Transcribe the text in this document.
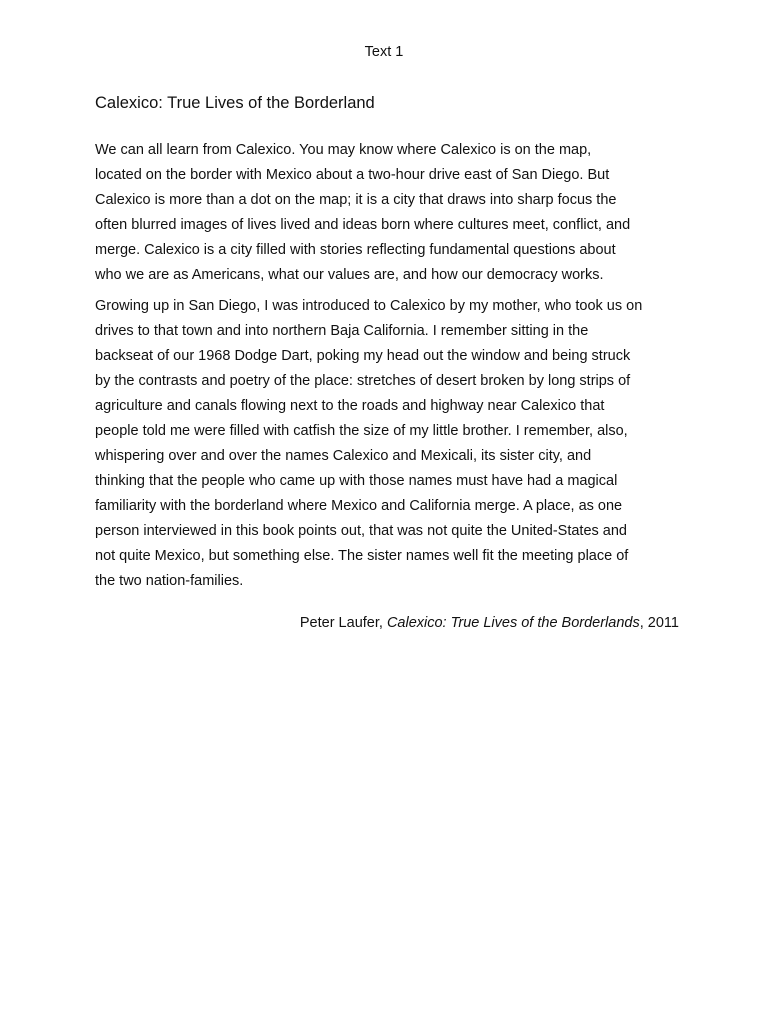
Text 1
Calexico: True Lives of the Borderland

We can all learn from Calexico. You may know where Calexico is on the map,
located on the border with Mexico about a two-hour drive east of San Diego. But
Calexico is more than a dot on the map; it is a city that draws into sharp focus the
often blurred images of lives lived and ideas born where cultures meet, conflict, and
merge. Calexico is a city filled with stories reflecting fundamental questions about
who we are as Americans, what our values are, and how our democracy works.

Growing up in San Diego, I was introduced to Calexico by my mother, who took us on
drives to that town and into northern Baja California. I remember sitting in the
backseat of our 1968 Dodge Dart, poking my head out the window and being struck
by the contrasts and poetry of the place: stretches of desert broken by long strips of
agriculture and canals flowing next to the roads and highway near Calexico that
people told me were filled with catfish the size of my little brother. I remember, also,
whispering over and over the names Calexico and Mexicali, its sister city, and
thinking that the people who came up with those names must have had a magical
familiarity with the borderland where Mexico and California merge. A place, as one
person interviewed in this book points out, that was not quite the United-States and
not quite Mexico, but something else. The sister names well fit the meeting place of
the two nation-families.

Peter Laufer, Calexico: True Lives of the Borderlands, 2011
